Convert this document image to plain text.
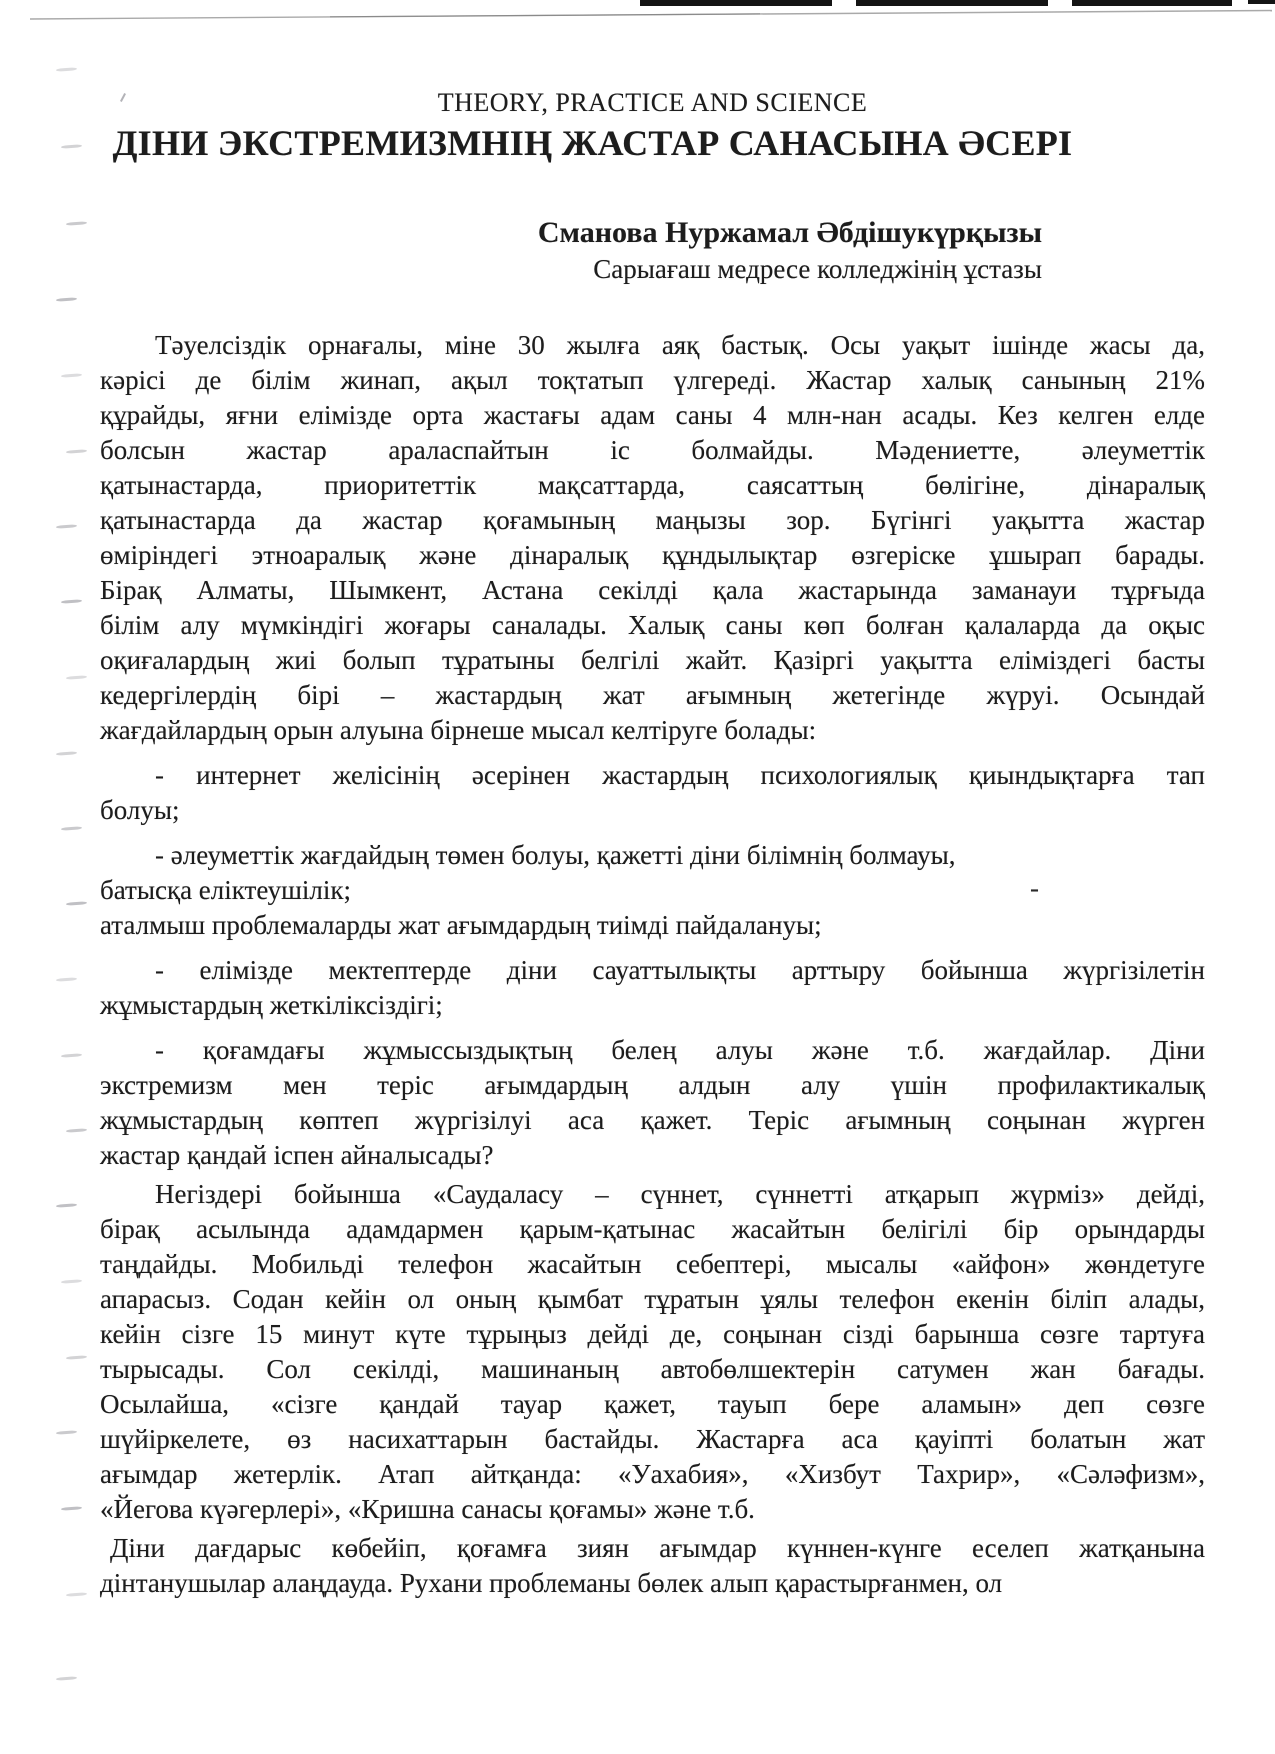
-
THEORY, PRACTICE AND SCIENCE
ДІНИ ЭКСТРЕМИЗМНІҢ ЖАСТАР САНАСЫНА ӘСЕРІ
Сманова Нуржамал Әбдішукүрқызы
Сарыағаш медресе колледжінің ұстазы
Тәуелсіздік орнағалы, міне 30 жылға аяқ бастық. Осы уақыт ішінде жасы да,
кәрісі де білім жинап, ақыл тоқтатып үлгереді. Жастар халық санының 21%
құрайды, яғни елімізде орта жастағы адам саны 4 млн-нан асады. Кез келген елде
болсын жастар араласпайтын іс болмайды. Мәдениетте, әлеуметтік
қатынастарда, приоритеттік мақсаттарда, саясаттың бөлігіне, дінаралық
қатынастарда да жастар қоғамының маңызы зор. Бүгінгі уақытта жастар
өміріндегі этноаралық және дінаралық құндылықтар өзгеріске ұшырап барады.
Бірақ Алматы, Шымкент, Астана секілді қала жастарында заманауи тұрғыда
білім алу мүмкіндігі жоғары саналады. Халық саны көп болған қалаларда да оқыс
оқиғалардың жиі болып тұратыны белгілі жайт. Қазіргі уақытта еліміздегі басты
кедергілердің бірі – жастардың жат ағымның жетегінде жүруі. Осындай
жағдайлардың орын алуына бірнеше мысал келтіруге болады:
- интернет желісінің әсерінен жастардың психологиялық қиындықтарға тап
болуы;
- әлеуметтік жағдайдың төмен болуы, қажетті діни білімнің болмауы,
батысқа еліктеушілік;
аталмыш проблемаларды жат ағымдардың тиімді пайдалануы;
- елімізде мектептерде діни сауаттылықты арттыру бойынша жүргізілетін
жұмыстардың жеткіліксіздігі;
- қоғамдағы жұмыссыздықтың белең алуы және т.б. жағдайлар. Діни
экстремизм мен теріс ағымдардың алдын алу үшін профилактикалық
жұмыстардың көптеп жүргізілуі аса қажет. Теріс ағымның соңынан жүрген
жастар қандай іспен айналысады?
Негіздері бойынша «Саудаласу – сүннет, сүннетті атқарып жүрміз» дейді,
бірақ асылында адамдармен қарым-қатынас жасайтын белігілі бір орындарды
таңдайды. Мобильді телефон жасайтын себептері, мысалы «айфон» жөндетуге
апарасыз. Содан кейін ол оның қымбат тұратын ұялы телефон екенін біліп алады,
кейін сізге 15 минут күте тұрыңыз дейді де, соңынан сізді барынша сөзге тартуға
тырысады. Сол секілді, машинаның автобөлшектерін сатумен жан бағады.
Осылайша, «сізге қандай тауар қажет, тауып бере аламын» деп сөзге
шүйіркелете, өз насихаттарын бастайды. Жастарға аса қауіпті болатын жат
ағымдар жетерлік. Атап айтқанда: «Уахабия», «Хизбут Тахрир», «Сәләфизм»,
«Йегова күәгерлері», «Кришна санасы қоғамы» және т.б.
Діни дағдарыс көбейіп, қоғамға зиян ағымдар күннен-күнге еселеп жатқанына
дінтанушылар алаңдауда. Рухани проблеманы бөлек алып қарастырғанмен, ол
